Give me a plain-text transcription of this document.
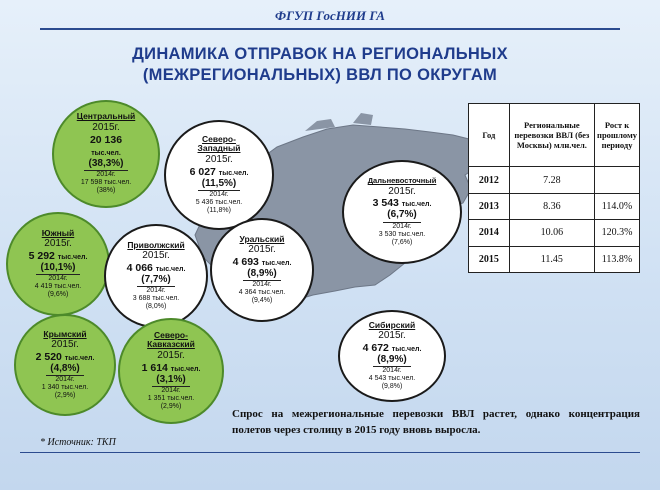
ФГУП ГосНИИ ГА
ДИНАМИКА ОТПРАВОК НА РЕГИОНАЛЬНЫХ
(МЕЖРЕГИОНАЛЬНЫХ) ВВЛ ПО ОКРУГАМ
Центральный
2015г.
20 136
тыс.чел.
(38,3%)
2014г.
17 598 тыс.чел.
(38%)
Северо-Западный
2015г.
6 027 тыс.чел.
(11,5%)
2014г.
5 436 тыс.чел.
(11,8%)
Южный
2015г.
5 292 тыс.чел.
(10,1%)
2014г.
4 419 тыс.чел.
(9,6%)
Приволжский
2015г.
4 066 тыс.чел.
(7,7%)
2014г.
3 688 тыс.чел.
(8,0%)
Уральский
2015г.
4 693 тыс.чел.
(8,9%)
2014г.
4 364 тыс.чел.
(9,4%)
Дальневосточный
2015г.
3 543 тыс.чел.
(6,7%)
2014г.
3 530 тыс.чел.
(7,6%)
Крымский
2015г.
2 520 тыс.чел.
(4,8%)
2014г.
1 340 тыс.чел.
(2,9%)
Северо-Кавказский
2015г.
1 614 тыс.чел.
(3,1%)
2014г.
1 351 тыс.чел.
(2,9%)
Сибирский
2015г.
4 672 тыс.чел.
(8,9%)
2014г.
4 543 тыс.чел.
(9,8%)
Год	Региональные перевозки ВВЛ (без Москвы) млн.чел.	Рост к прошлому периоду
2012	7.28	
2013	8.36	114.0%
2014	10.06	120.3%
2015	11.45	113.8%
Спрос на межрегиональные перевозки ВВЛ растет, однако концентрация полетов через столицу в 2015 году вновь выросла.
* Источник: ТКП
